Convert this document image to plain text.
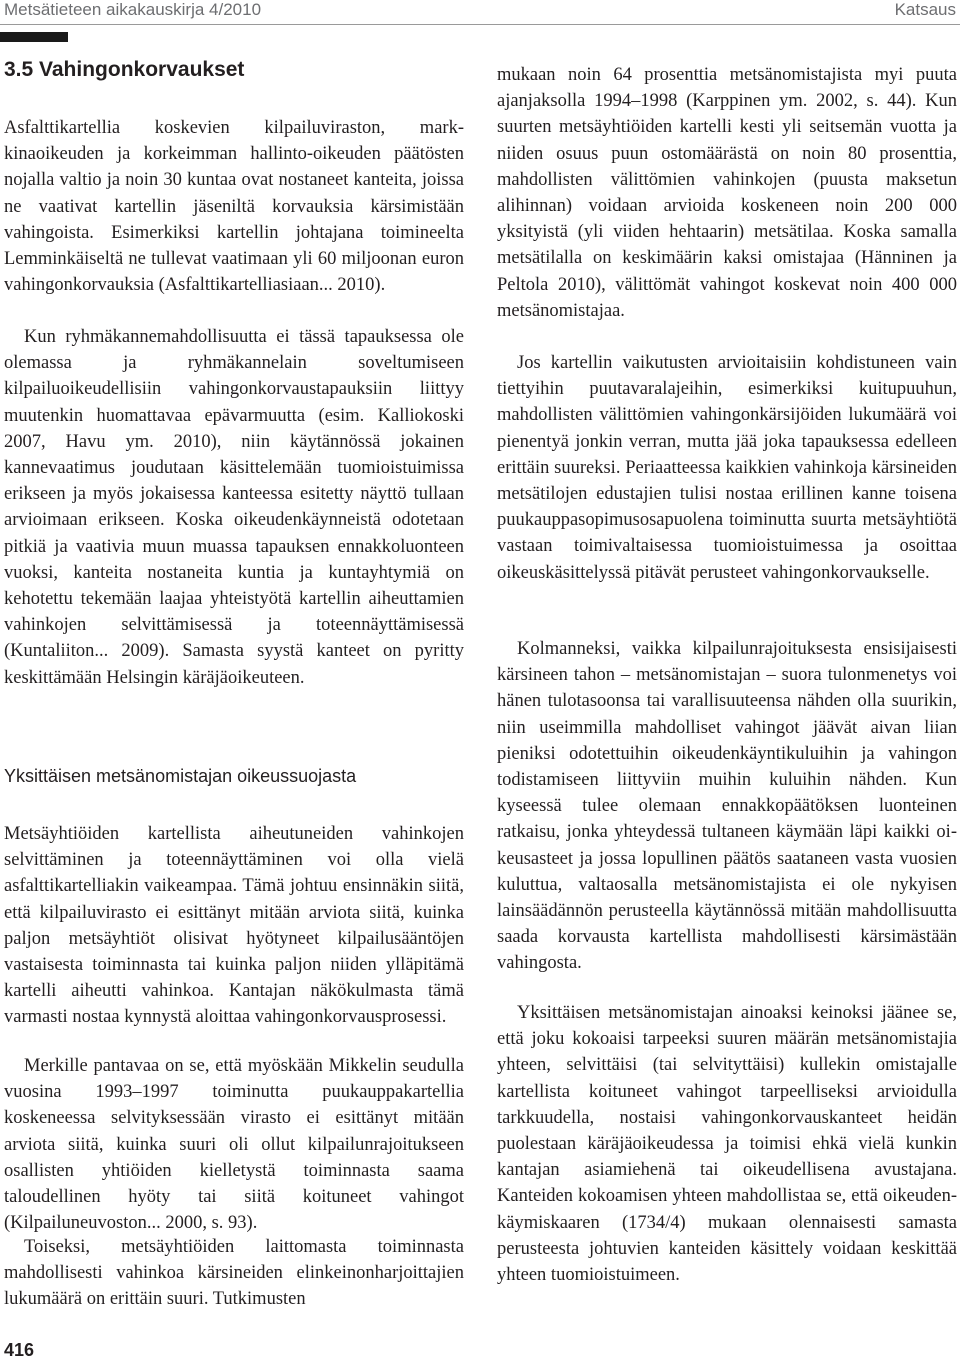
Metsätieteen aikakauskirja 4/2010	Katsaus
3.5 Vahingonkorvaukset

Asfalttikartellia koskevien kilpailuviraston, markkinaoikeuden ja korkeimman hallinto-oikeuden päätösten nojalla valtio ja noin 30 kuntaa ovat nostaneet kanteita, joissa ne vaativat kartellin jäseniltä korvauksia kärsimistään vahingoista. Esimerkiksi kartellin johtajana toimineelta Lemminkäiseltä ne tullevat vaatimaan yli 60 miljoonan euron vahingonkorvauksia (Asfalttikartelliasiaan... 2010).

Kun ryhmäkannemahdollisuutta ei tässä tapauksessa ole olemassa ja ryhmäkannelain soveltumiseen kilpailuoikeudellisiin vahingonkorvaustapauksiin liittyy muutenkin huomattavaa epävarmuutta (esim. Kalliokoski 2007, Havu ym. 2010), niin käytännössä jokainen kannevaatimus joudutaan käsittelemään tuomioistuimissa erikseen ja myös jokaisessa kanteessa esitetty näyttö tullaan arvioimaan erikseen. Koska oikeudenkäynneistä odotetaan pitkiä ja vaativia muun muassa tapauksen ennakkoluonteen vuoksi, kanteita nostaneita kuntia ja kuntayhtymiä on kehotettu tekemään laajaa yhteistyötä kartellin aiheuttamien vahinkojen selvittämisessä ja toteennäyttämisessä (Kuntaliiton... 2009). Samasta syystä kanteet on pyritty keskittämään Helsingin käräjäoikeuteen.

Metsäyhtiöiden kartellista aiheutuneiden vahinkojen selvittäminen ja toteennäyttäminen voi olla vielä asfalttikartelliakin vaikeampaa. Tämä johtuu ensinnäkin siitä, että kilpailuvirasto ei esittänyt mitään arviota siitä, kuinka paljon metsäyhtiöt olisivat hyötyneet kilpailusääntöjen vastaisesta toiminnasta tai kuinka paljon niiden ylläpitämä kartelli aiheutti vahinkoa. Kantajan näkökulmasta tämä varmasti nostaa kynnystä aloittaa vahingonkorvausprosessi.

Merkille pantavaa on se, että myöskään Mikkelin seudulla vuosina 1993–1997 toiminutta puukauppakartellia koskeneessa selvityksessään virasto ei esittänyt mitään arviota siitä, kuinka suuri oli ollut kilpailunrajoitukseen osallisten yhtiöiden kielletystä toiminnasta saama taloudellinen hyöty tai siitä koituneet vahingot (Kilpailuneuvoston... 2000, s. 93).

Toiseksi, metsäyhtiöiden laittomasta toiminnasta mahdollisesti vahinkoa kärsineiden elinkeinonharjoittajien lukumäärä on erittäin suuri. Tutkimusten

Yksittäisen metsänomistajan oikeussuojasta

mukaan noin 64 prosenttia metsänomistajista myi puuta ajanjaksolla 1994–1998 (Karppinen ym. 2002, s. 44). Kun suurten metsäyhtiöiden kartelli kesti yli seitsemän vuotta ja niiden osuus puun ostomäärästä on noin 80 prosenttia, mahdollisten välittömien vahinkojen (puusta maksetun alihinnan) voidaan arvioida koskeneen noin 200 000 yksityistä (yli viiden hehtaarin) metsätilaa. Koska samalla metsätilalla on keskimäärin kaksi omistajaa (Hänninen ja Peltola 2010), välittömät vahingot koskevat noin 400 000 metsänomistajaa.

Jos kartellin vaikutusten arvioitaisiin kohdistuneen vain tiettyihin puutavaralajeihin, esimerkiksi kuitupuuhun, mahdollisten välittömien vahingonkärsijöiden lukumäärä voi pienentyä jonkin verran, mutta jää joka tapauksessa edelleen erittäin suureksi. Periaatteessa kaikkien vahinkoja kärsineiden metsätilojen edustajien tulisi nostaa erillinen kanne toisena puukauppasopimusosapuolena toiminutta suurta metsäyhtiötä vastaan toimivaltaisessa tuomioistuimessa ja osoittaa oikeuskäsittelyssä pitävät perusteet vahingonkorvaukselle.

Kolmanneksi, vaikka kilpailunrajoituksesta ensisijaisesti kärsineen tahon – metsänomistajan – suora tulonmenetys voi hänen tulotasoonsa tai varallisuuteensa nähden olla suurikin, niin useimmilla mahdolliset vahingot jäävät aivan liian pieniksi odotettuihin oikeudenkäyntikuluihin ja vahingon todistamiseen liittyviin muihin kuluihin nähden. Kun kyseessä tulee olemaan ennakkopäätöksen luonteinen ratkaisu, jonka yhteydessä tultaneen käymään läpi kaikki oikeusasteet ja jossa lopullinen päätös saataneen vasta vuosien kuluttua, valtaosalla metsänomistajista ei ole nykyisen lainsäädännön perusteella käytännössä mitään mahdollisuutta saada korvausta kartellista mahdollisesti kärsimästään vahingosta.

Yksittäisen metsänomistajan ainoaksi keinoksi jäänee se, että joku kokoaisi tarpeeksi suuren määrän metsänomistajia yhteen, selvittäisi (tai selvityttäisi) kullekin omistajalle kartellista koituneet vahingot tarpeelliseksi arvioidulla tarkkuudella, nostaisi vahingonkorvauskanteet heidän puolestaan käräjäoikeudessa ja toimisi ehkä vielä kunkin kantajan asiamiehenä tai oikeudellisena avustajana. Kanteiden kokoamisen yhteen mahdollistaa se, että oikeudenkäymiskaaren (1734/4) mukaan olennaisesti samasta perusteesta johtuvien kanteiden käsittely voidaan keskittää yhteen tuomioistuimeen.

416
